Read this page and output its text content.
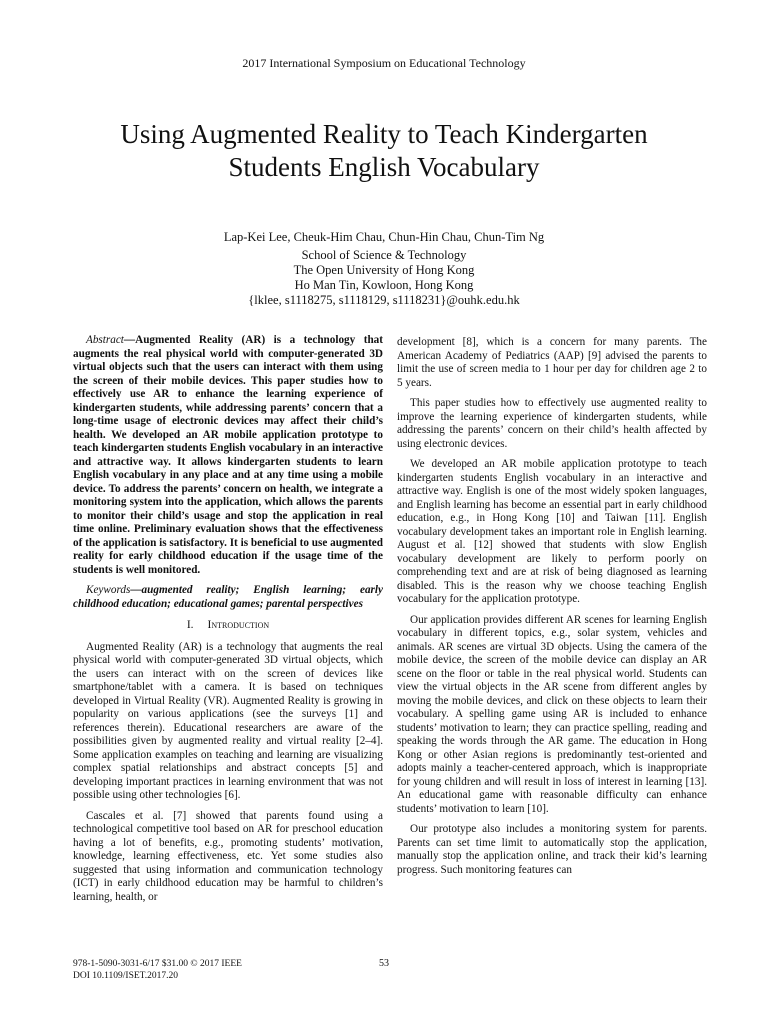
2017 International Symposium on Educational Technology
Using Augmented Reality to Teach Kindergarten
Students English Vocabulary
Lap-Kei Lee, Cheuk-Him Chau, Chun-Hin Chau, Chun-Tim Ng
School of Science & Technology
The Open University of Hong Kong
Ho Man Tin, Kowloon, Hong Kong
{lklee, s1118275, s1118129, s1118231}@ouhk.edu.hk

Abstract—Augmented Reality (AR) is a technology that augments the real physical world with computer-generated 3D virtual objects such that the users can interact with them using the screen of their mobile devices. This paper studies how to effectively use AR to enhance the learning experience of kindergarten students, while addressing parents’ concern that a long-time usage of electronic devices may affect their child’s health. We developed an AR mobile application prototype to teach kindergarten students English vocabulary in an interactive and attractive way. It allows kindergarten students to learn English vocabulary in any place and at any time using a mobile device. To address the parents’ concern on health, we integrate a monitoring system into the application, which allows the parents to monitor their child’s usage and stop the application in real time online. Preliminary evaluation shows that the effectiveness of the application is satisfactory. It is beneficial to use augmented reality for early childhood education if the usage time of the students is well monitored.

Keywords—augmented reality; English learning; early childhood education; educational games; parental perspectives

I. Introduction

Augmented Reality (AR) is a technology that augments the real physical world with computer-generated 3D virtual objects, which the users can interact with on the screen of devices like smartphone/tablet with a camera. It is based on techniques developed in Virtual Reality (VR). Augmented Reality is growing in popularity on various applications (see the surveys [1] and references therein). Educational researchers are aware of the possibilities given by augmented reality and virtual reality [2–4]. Some application examples on teaching and learning are visualizing complex spatial relationships and abstract concepts [5] and developing important practices in learning environment that was not possible using other technologies [6].

Cascales et al. [7] showed that parents found using a technological competitive tool based on AR for preschool education having a lot of benefits, e.g., promoting students’ motivation, knowledge, learning effectiveness, etc. Yet some studies also suggested that using information and communication technology (ICT) in early childhood education may be harmful to children’s learning, health, or

development [8], which is a concern for many parents. The American Academy of Pediatrics (AAP) [9] advised the parents to limit the use of screen media to 1 hour per day for children age 2 to 5 years.

This paper studies how to effectively use augmented reality to improve the learning experience of kindergarten students, while addressing the parents’ concern on their child’s health affected by using electronic devices.

We developed an AR mobile application prototype to teach kindergarten students English vocabulary in an interactive and attractive way. English is one of the most widely spoken languages, and English learning has become an essential part in early childhood education, e.g., in Hong Kong [10] and Taiwan [11]. English vocabulary development takes an important role in English learning. August et al. [12] showed that students with slow English vocabulary development are likely to perform poorly on comprehending text and are at risk of being diagnosed as learning disabled. This is the reason why we choose teaching English vocabulary for the application prototype.

Our application provides different AR scenes for learning English vocabulary in different topics, e.g., solar system, vehicles and animals. AR scenes are virtual 3D objects. Using the camera of the mobile device, the screen of the mobile device can display an AR scene on the floor or table in the real physical world. Students can view the virtual objects in the AR scene from different angles by moving the mobile devices, and click on these objects to learn their vocabulary. A spelling game using AR is included to enhance students’ motivation to learn; they can practice spelling, reading and speaking the words through the AR game. The education in Hong Kong or other Asian regions is predominantly test-oriented and adopts mainly a teacher-centered approach, which is inappropriate for young children and will result in loss of interest in learning [13]. An educational game with reasonable difficulty can enhance students’ motivation to learn [10].

Our prototype also includes a monitoring system for parents. Parents can set time limit to automatically stop the application, manually stop the application online, and track their kid’s learning progress. Such monitoring features can

978-1-5090-3031-6/17 $31.00 © 2017 IEEE
DOI 10.1109/ISET.2017.20
53
